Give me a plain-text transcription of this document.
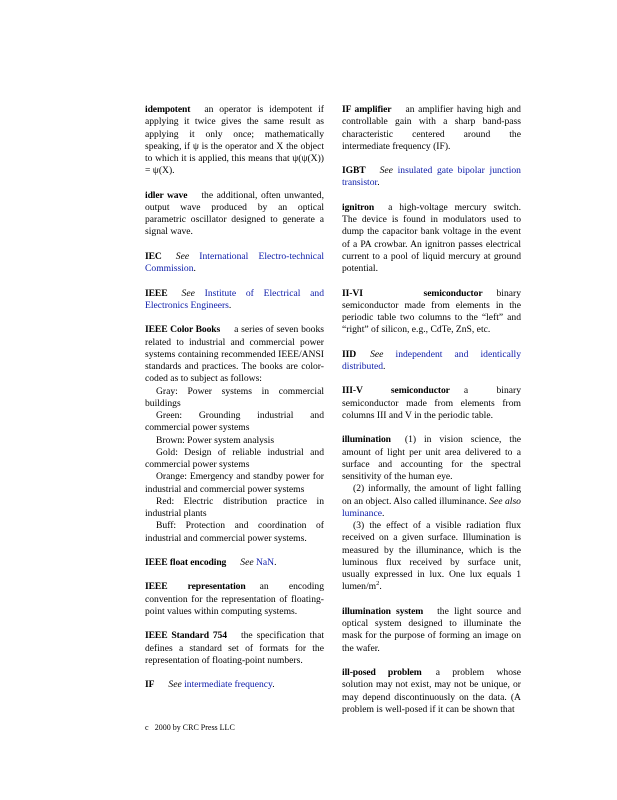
idempotent an operator is idempotent if applying it twice gives the same result as applying it only once; mathematically speaking, if ψ is the operator and X the object to which it is applied, this means that ψ(ψ(X)) = ψ(X).
idler wave the additional, often unwanted, output wave produced by an optical parametric oscillator designed to generate a signal wave.
IEC See International Electro-technical Commission.
IEEE See Institute of Electrical and Electronics Engineers.

IEEE Color Books a series of seven books related to industrial and commercial power systems containing recommended IEEE/ANSI standards and practices. The books are color-coded as to subject as follows:

Gray: Power systems in commercial buildings

Green: Grounding industrial and commercial power systems

Brown: Power system analysis

Gold: Design of reliable industrial and commercial power systems

Orange: Emergency and standby power for industrial and commercial power systems

Red: Electric distribution practice in industrial plants

Buff: Protection and coordination of industrial and commercial power systems.

IEEE float encoding See NaN.
IEEE representation an encoding convention for the representation of floating-point values within computing systems.
IEEE Standard 754 the specification that defines a standard set of formats for the representation of floating-point numbers.
IF See intermediate frequency.
IF amplifier an amplifier having high and controllable gain with a sharp band-pass characteristic centered around the intermediate frequency (IF).
IGBT See insulated gate bipolar junction transistor.
ignitron a high-voltage mercury switch. The device is found in modulators used to dump the capacitor bank voltage in the event of a PA crowbar. An ignitron passes electrical current to a pool of liquid mercury at ground potential.
II-VI semiconductor binary semiconductor made from elements in the periodic table two columns to the “left” and “right” of silicon, e.g., CdTe, ZnS, etc.
IID See independent and identically distributed.
III-V semiconductor a binary semiconductor made from elements from columns III and V in the periodic table.

illumination (1) in vision science, the amount of light per unit area delivered to a surface and accounting for the spectral sensitivity of the human eye.

(2) informally, the amount of light falling on an object. Also called illuminance. See also luminance.

(3) the effect of a visible radiation flux received on a given surface. Illumination is measured by the illuminance, which is the luminous flux received by surface unit, usually expressed in lux. One lux equals 1 lumen/$m^2$.

illumination system the light source and optical system designed to illuminate the mask for the purpose of forming an image on the wafer.
ill-posed problem a problem whose solution may not exist, may not be unique, or may depend discontinuously on the data. (A problem is well-posed if it can be shown that
c⃝2000 by CRC Press LLC
